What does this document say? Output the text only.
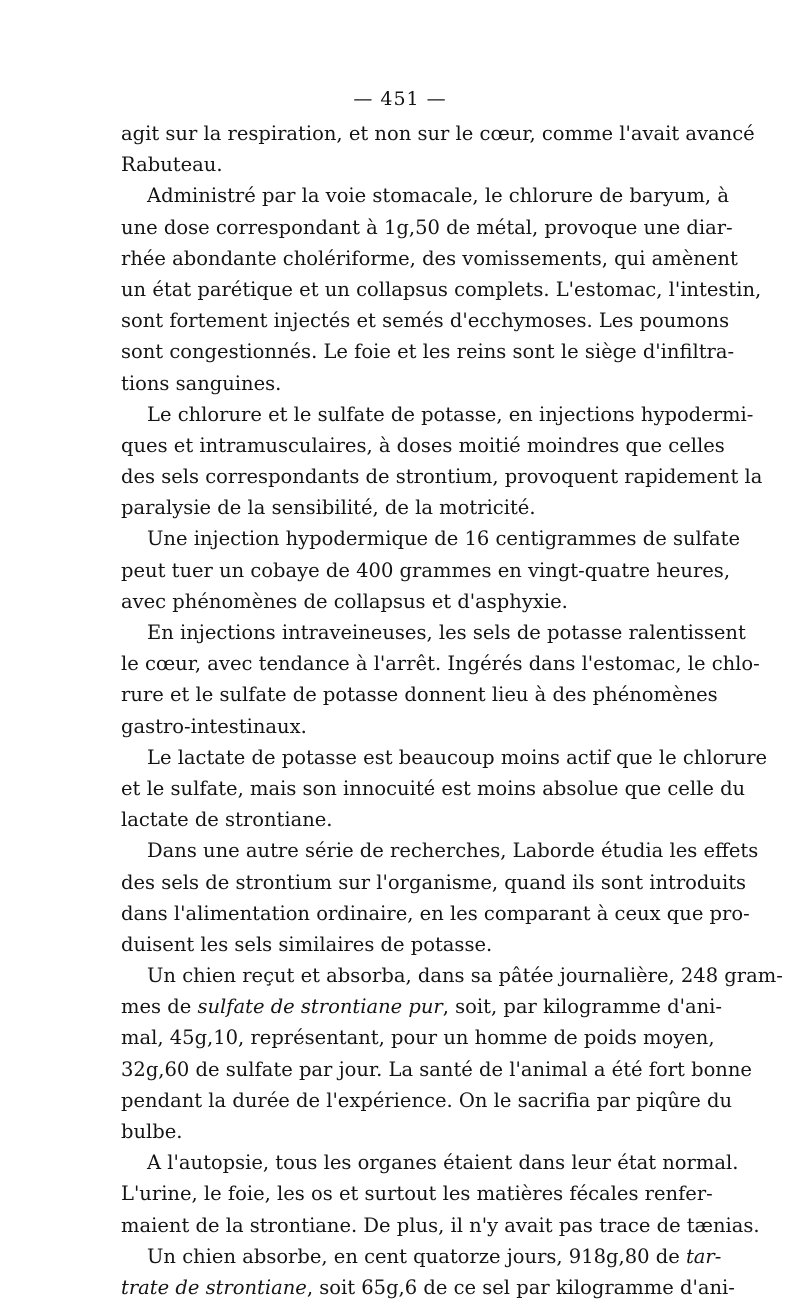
— 451 —
agit sur la respiration, et non sur le cœur, comme l'avait avancé
Rabuteau.
Administré par la voie stomacale, le chlorure de baryum, à
une dose correspondant à 1g,50 de métal, provoque une diar-
rhée abondante cholériforme, des vomissements, qui amènent
un état parétique et un collapsus complets. L'estomac, l'intestin,
sont fortement injectés et semés d'ecchymoses. Les poumons
sont congestionnés. Le foie et les reins sont le siège d'infiltra-
tions sanguines.
Le chlorure et le sulfate de potasse, en injections hypodermi-
ques et intramusculaires, à doses moitié moindres que celles
des sels correspondants de strontium, provoquent rapidement la
paralysie de la sensibilité, de la motricité.
Une injection hypodermique de 16 centigrammes de sulfate
peut tuer un cobaye de 400 grammes en vingt-quatre heures,
avec phénomènes de collapsus et d'asphyxie.
En injections intraveineuses, les sels de potasse ralentissent
le cœur, avec tendance à l'arrêt. Ingérés dans l'estomac, le chlo-
rure et le sulfate de potasse donnent lieu à des phénomènes
gastro-intestinaux.
Le lactate de potasse est beaucoup moins actif que le chlorure
et le sulfate, mais son innocuité est moins absolue que celle du
lactate de strontiane.
Dans une autre série de recherches, Laborde étudia les effets
des sels de strontium sur l'organisme, quand ils sont introduits
dans l'alimentation ordinaire, en les comparant à ceux que pro-
duisent les sels similaires de potasse.
Un chien reçut et absorba, dans sa pâtée journalière, 248 gram-
mes de sulfate de strontiane pur, soit, par kilogramme d'ani-
mal, 45g,10, représentant, pour un homme de poids moyen,
32g,60 de sulfate par jour. La santé de l'animal a été fort bonne
pendant la durée de l'expérience. On le sacrifia par piqûre du
bulbe.
A l'autopsie, tous les organes étaient dans leur état normal.
L'urine, le foie, les os et surtout les matières fécales renfer-
maient de la strontiane. De plus, il n'y avait pas trace de tænias.
Un chien absorbe, en cent quatorze jours, 918g,80 de tar-
trate de strontiane, soit 65g,6 de ce sel par kilogramme d'ani-
